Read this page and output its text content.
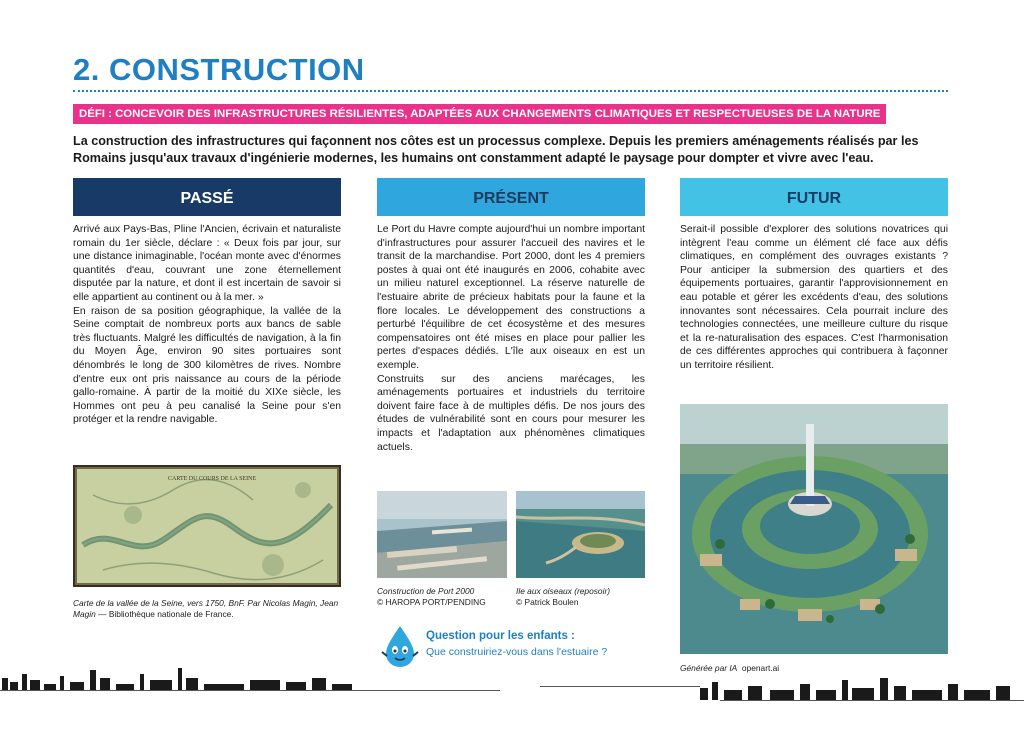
2. CONSTRUCTION
DÉFI : CONCEVOIR DES INFRASTRUCTURES RÉSILIENTES, ADAPTÉES AUX CHANGEMENTS CLIMATIQUES ET RESPECTUEUSES DE LA NATURE
La construction des infrastructures qui façonnent nos côtes est un processus complexe. Depuis les premiers aménagements réalisés par les Romains jusqu'aux travaux d'ingénierie modernes, les humains ont constamment adapté le paysage pour dompter et vivre avec l'eau.
PASSÉ

Arrivé aux Pays-Bas, Pline l'Ancien, écrivain et naturaliste romain du 1er siècle, déclare : « Deux fois par jour, sur une distance inimaginable, l'océan monte avec d'énormes quantités d'eau, couvrant une zone éternellement disputée par la nature, et dont il est incertain de savoir si elle appartient au continent ou à la mer. »

En raison de sa position géographique, la vallée de la Seine comptait de nombreux ports aux bancs de sable très fluctuants. Malgré les difficultés de navigation, à la fin du Moyen Âge, environ 90 sites portuaires sont dénombrés le long de 300 kilomètres de rives. Nombre d'entre eux ont pris naissance au cours de la période gallo-romaine. À partir de la moitié du XIXe siècle, les Hommes ont peu à peu canalisé la Seine pour s'en protéger et la rendre navigable.

CARTE DU COURS DE LA SEINE
Carte de la vallée de la Seine, vers 1750, BnF. Par Nicolas Magin, Jean Magin — Bibliothèque nationale de France.
PRÉSENT

Le Port du Havre compte aujourd'hui un nombre important d'infrastructures pour assurer l'accueil des navires et le transit de la marchandise. Port 2000, dont les 4 premiers postes à quai ont été inaugurés en 2006, cohabite avec un milieu naturel exceptionnel. La réserve naturelle de l'estuaire abrite de précieux habitats pour la faune et la flore locales. Le développement des constructions a perturbé l'équilibre de cet écosystème et des mesures compensatoires ont été mises en place pour pallier les pertes d'espaces dédiés. L'île aux oiseaux en est un exemple.

Construits sur des anciens marécages, les aménagements portuaires et industriels du territoire doivent faire face à de multiples défis. De nos jours des études de vulnérabilité sont en cours pour mesurer les impacts et l'adaptation aux phénomènes climatiques actuels.

Construction de Port 2000
© HAROPA PORT/PENDING
Ile aux oiseaux (reposoir)
© Patrick Boulen
Question pour les enfants :
Que construiriez-vous dans l'estuaire ?
FUTUR

Serait-il possible d'explorer des solutions novatrices qui intègrent l'eau comme un élément clé face aux défis climatiques, en complément des ouvrages existants ? Pour anticiper la submersion des quartiers et des équipements portuaires, garantir l'approvisionnement en eau potable et gérer les excédents d'eau, des solutions innovantes sont nécessaires. Cela pourrait inclure des technologies connectées, une meilleure culture du risque et la re-naturalisation des espaces. C'est l'harmonisation de ces différentes approches qui contribuera à façonner un territoire résilient.

Générée par IA openart.ai
